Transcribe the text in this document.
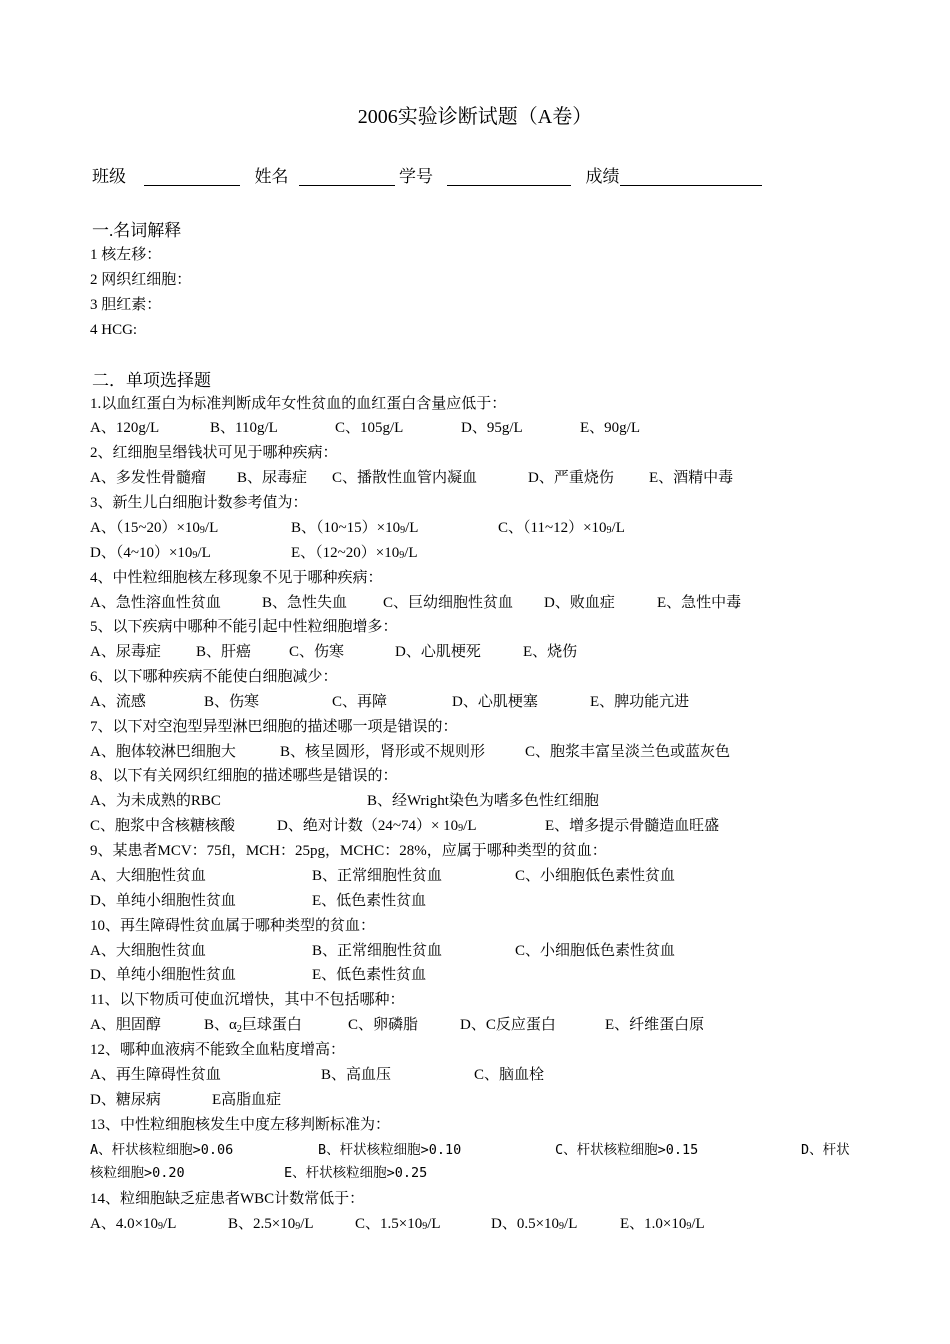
2006实验诊断试题（A卷）
班级	姓名	学号	成绩
一.名词解释
1 核左移：
2 网织红细胞：
3 胆红素：
4 HCG:
二．单项选择题
1.以血红蛋白为标准判断成年女性贫血的血红蛋白含量应低于：
A、120g/L	B、110g/L	C、105g/L	D、95g/L	E、90g/L
2、红细胞呈缗钱状可见于哪种疾病：
A、多发性骨髓瘤 B、尿毒症 C、播散性血管内凝血	D、严重烧伤 E、酒精中毒
3、新生儿白细胞计数参考值为：
A、（15~20）×109/L	B、（10~15）×109/L	C、（11~12）×109/L
D、（4~10）×109/L	E、（12~20）×109/L
4、中性粒细胞核左移现象不见于哪种疾病：
A、急性溶血性贫血	B、急性失血 C、巨幼细胞性贫血 D、败血症	E、急性中毒
5、以下疾病中哪种不能引起中性粒细胞增多：
A、尿毒症 B、肝癌	C、伤寒	D、心肌梗死	E、烧伤
6、以下哪种疾病不能使白细胞减少：
A、流感	B、伤寒	C、再障	D、心肌梗塞	E、脾功能亢进
7、以下对空泡型异型淋巴细胞的描述哪一项是错误的：
A、胞体较淋巴细胞大	B、核呈圆形，肾形或不规则形	C、胞浆丰富呈淡兰色或蓝灰色
8、以下有关网织红细胞的描述哪些是错误的：
A、为未成熟的RBC	B、经Wright染色为嗜多色性红细胞
C、胞浆中含核糖核酸	D、绝对计数（24~74）× 109/L	E、增多提示骨髓造血旺盛
9、某患者MCV：75fl，MCH：25pg，MCHC：28%，应属于哪种类型的贫血：
A、大细胞性贫血	B、正常细胞性贫血	C、小细胞低色素性贫血
D、单纯小细胞性贫血	E、低色素性贫血
10、再生障碍性贫血属于哪种类型的贫血：
A、大细胞性贫血	B、正常细胞性贫血	C、小细胞低色素性贫血
D、单纯小细胞性贫血	E、低色素性贫血
11、以下物质可使血沉增快，其中不包括哪种：
A、胆固醇	B、$\alpha_2$巨球蛋白	C、卵磷脂	D、C反应蛋白	E、纤维蛋白原
12、哪种血液病不能致全血粘度增高：
A、再生障碍性贫血	B、高血压	C、脑血栓
D、糖尿病	E高脂血症
13、中性粒细胞核发生中度左移判断标准为：
A、杆状核粒细胞>0.06	B、杆状核粒细胞>0.10	C、杆状核粒细胞>0.15	D、杆状
核粒细胞>0.20	E、杆状核粒细胞>0.25
14、粒细胞缺乏症患者WBC计数常低于：
A、4.0×109/L	B、2.5×109/L	C、1.5×109/L	D、0.5×109/L	E、1.0×109/L
